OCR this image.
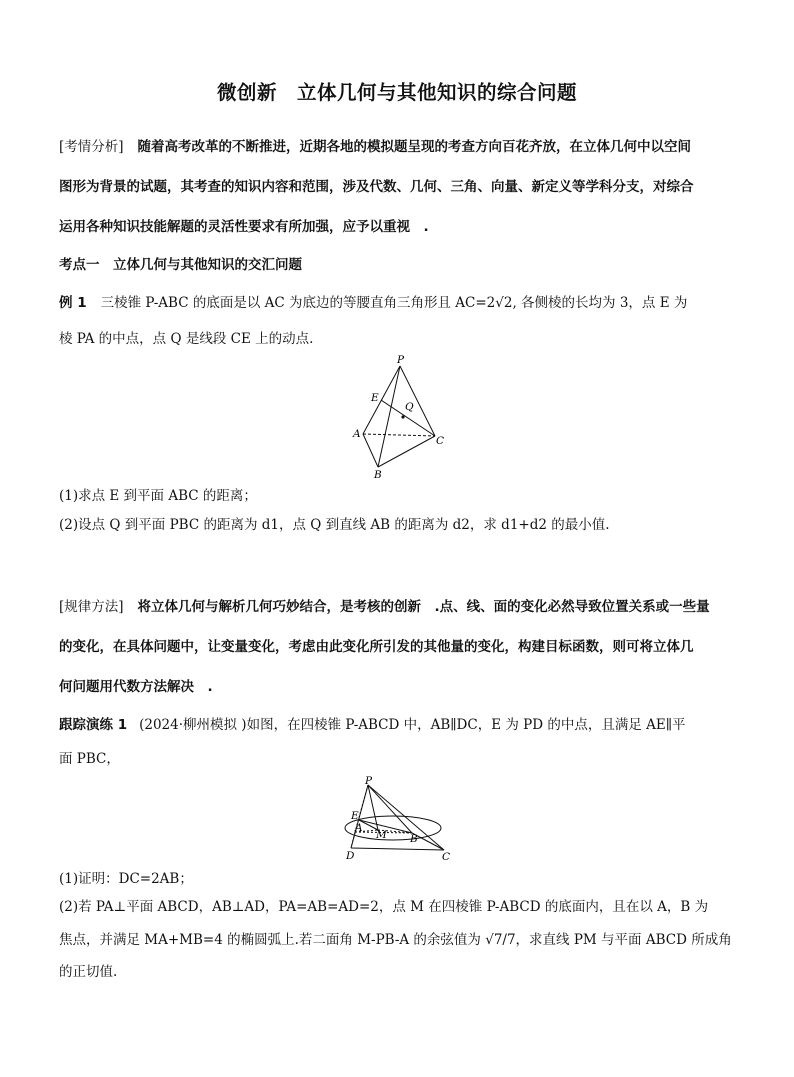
微创新　立体几何与其他知识的综合问题
[考情分析] 随着高考改革的不断推进，近期各地的模拟题呈现的考查方向百花齐放，在立体几何中以空间
图形为背景的试题，其考查的知识内容和范围，涉及代数、几何、三角、向量、新定义等学科分支，对综合
运用各种知识技能解题的灵活性要求有所加强，应予以重视　.
考点一　立体几何与其他知识的交汇问题
例 1 三棱锥 P-ABC 的底面是以 AC 为底边的等腰直角三角形且 AC=2√2, 各侧棱的长均为 3，点 E 为
棱 PA 的中点，点 Q 是线段 CE 上的动点.
P
E
Q
A
C
B
(1)求点 E 到平面 ABC 的距离；
(2)设点 Q 到平面 PBC 的距离为 d1，点 Q 到直线 AB 的距离为 d2，求 d1+d2 的最小值.
[规律方法] 将立体几何与解析几何巧妙结合，是考核的创新　.点、线、面的变化必然导致位置关系或一些量
的变化，在具体问题中，让变量变化，考虑由此变化所引发的其他量的变化，构建目标函数，则可将立体几
何问题用代数方法解决　.
跟踪演练 1 (2024·柳州模拟 )如图，在四棱锥 P-ABCD 中，AB∥DC，E 为 PD 的中点，且满足 AE∥平
面 PBC，
P
E
A
M B
D	C
(1)证明：DC=2AB；
(2)若 PA⊥平面 ABCD，AB⊥AD，PA=AB=AD=2，点 M 在四棱锥 P-ABCD 的底面内，且在以 A，B 为
焦点，并满足 MA+MB=4 的椭圆弧上.若二面角 M-PB-A 的余弦值为 √7/7，求直线 PM 与平面 ABCD 所成角
的正切值.
